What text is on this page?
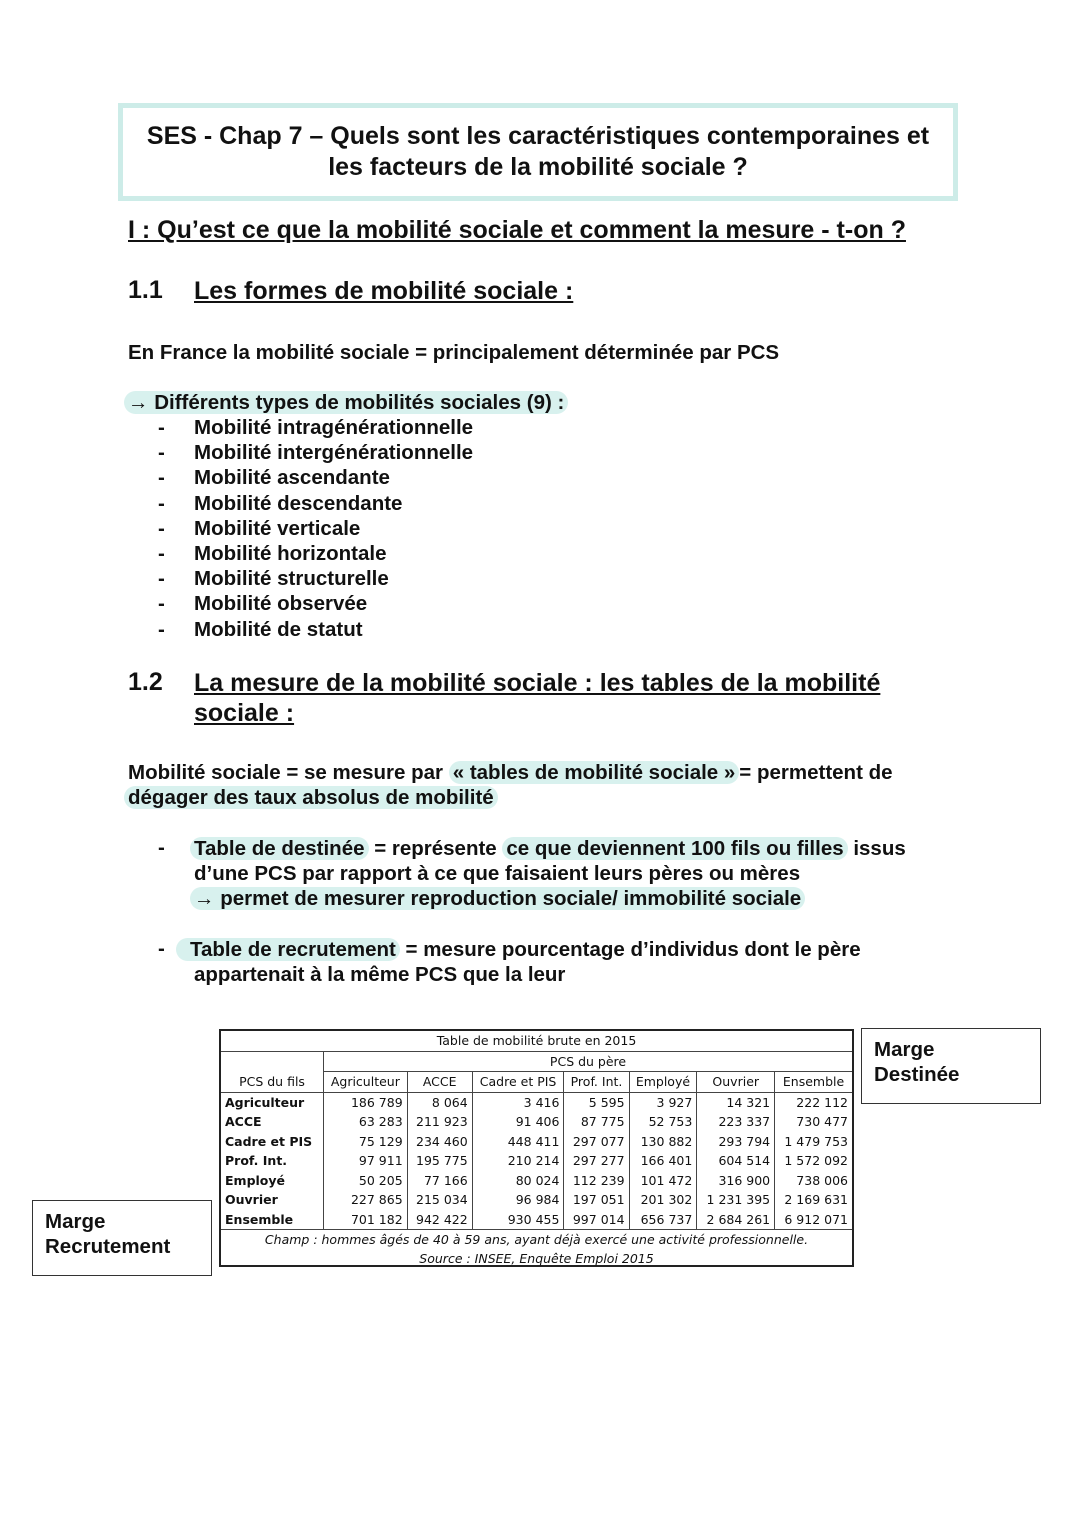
SES - Chap 7 – Quels sont les caractéristiques contemporaines et
les facteurs de la mobilité sociale ?
I : Qu’est ce que la mobilité sociale et comment la mesure - t-on ?
1.1 Les formes de mobilité sociale :
En France la mobilité sociale = principalement déterminée par PCS
→ Différents types de mobilités sociales (9) :
- Mobilité intragénérationnelle
- Mobilité intergénérationnelle
- Mobilité ascendante
- Mobilité descendante
- Mobilité verticale
- Mobilité horizontale
- Mobilité structurelle
- Mobilité observée
- Mobilité de statut
1.2 La mesure de la mobilité sociale : les tables de la mobilité
sociale :
Mobilité sociale = se mesure par « tables de mobilité sociale » = permettent de
dégager des taux absolus de mobilité
- Table de destinée = représente ce que deviennent 100 fils ou filles issus
d’une PCS par rapport à ce que faisaient leurs pères ou mères
→ permet de mesurer reproduction sociale/ immobilité sociale
-	Table de recrutement = mesure pourcentage d’individus dont le père
appartenait à la même PCS que la leur
Table de mobilité brute en 2015							
	PCS du père						
PCS du fils	Agriculteur	ACCE	Cadre et PIS	Prof. Int.	Employé	Ouvrier	Ensemble
Agriculteur	186 789	8 064	3 416	5 595	3 927	14 321	222 112
ACCE	63 283	211 923	91 406	87 775	52 753	223 337	730 477
Cadre et PIS	75 129	234 460	448 411	297 077	130 882	293 794	1 479 753
Prof. Int.	97 911	195 775	210 214	297 277	166 401	604 514	1 572 092
Employé	50 205	77 166	80 024	112 239	101 472	316 900	738 006
Ouvrier	227 865	215 034	96 984	197 051	201 302	1 231 395	2 169 631
Ensemble	701 182	942 422	930 455	997 014	656 737	2 684 261	6 912 071
Champ : hommes âgés de 40 à 59 ans, ayant déjà exercé une activité professionnelle.
Source : INSEE, Enquête Emploi 2015
Marge
Destinée
Marge
Recrutement
